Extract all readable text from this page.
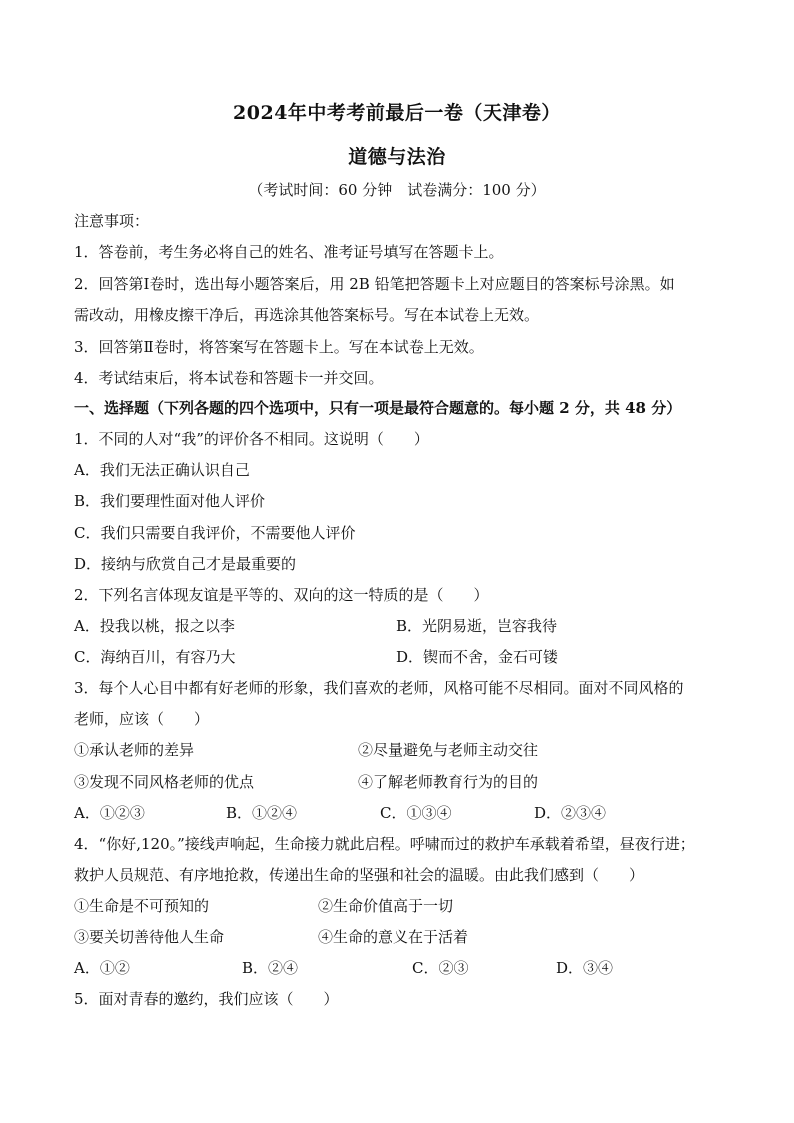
2024年中考考前最后一卷（天津卷）
道德与法治
（考试时间：60 分钟　试卷满分：100 分）
注意事项：
1．答卷前，考生务必将自己的姓名、准考证号填写在答题卡上。
2．回答第Ⅰ卷时，选出每小题答案后，用 2B 铅笔把答题卡上对应题目的答案标号涂黑。如
需改动，用橡皮擦干净后，再选涂其他答案标号。写在本试卷上无效。
3．回答第Ⅱ卷时，将答案写在答题卡上。写在本试卷上无效。
4．考试结束后，将本试卷和答题卡一并交回。
一、选择题（下列各题的四个选项中，只有一项是最符合题意的。每小题 2 分，共 48 分）
1．不同的人对“我”的评价各不相同。这说明（　　）
A．我们无法正确认识自己
B．我们要理性面对他人评价
C．我们只需要自我评价，不需要他人评价
D．接纳与欣赏自己才是最重要的
2．下列名言体现友谊是平等的、双向的这一特质的是（　　）
A．投我以桃，报之以李	B．光阴易逝，岂容我待
C．海纳百川，有容乃大	D．锲而不舍，金石可镂
3．每个人心目中都有好老师的形象，我们喜欢的老师，风格可能不尽相同。面对不同风格的
老师，应该（　　）
①承认老师的差异	②尽量避免与老师主动交往
③发现不同风格老师的优点	④了解老师教育行为的目的
A．①②③	B．①②④	C．①③④	D．②③④
4．“你好,120。”接线声响起，生命接力就此启程。呼啸而过的救护车承载着希望，昼夜行进；
救护人员规范、有序地抢救，传递出生命的坚强和社会的温暖。由此我们感到（　　）
①生命是不可预知的	②生命价值高于一切
③要关切善待他人生命	④生命的意义在于活着
A．①②	B．②④	C．②③	D．③④
5．面对青春的邀约，我们应该（　　）
